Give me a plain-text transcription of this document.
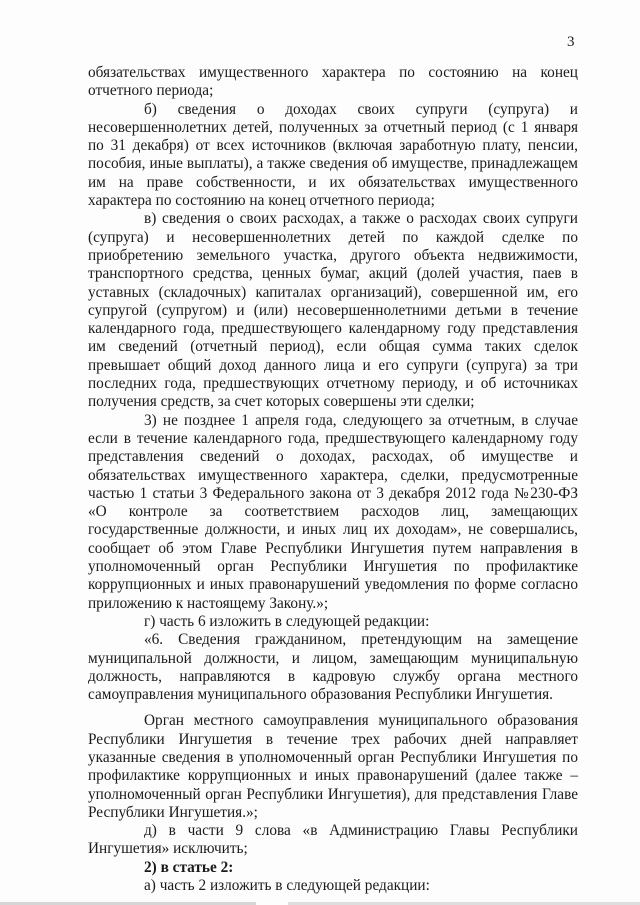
3

обязательствах имущественного характера по состоянию на конец отчетного периода;

б) сведения о доходах своих супруги (супруга) и несовершеннолетних детей, полученных за отчетный период (с 1 января по 31 декабря) от всех источников (включая заработную плату, пенсии, пособия, иные выплаты), а также сведения об имуществе, принадлежащем им на праве собственности, и их обязательствах имущественного характера по состоянию на конец отчетного периода;

в) сведения о своих расходах, а также о расходах своих супруги (супруга) и несовершеннолетних детей по каждой сделке по приобретению земельного участка, другого объекта недвижимости, транспортного средства, ценных бумаг, акций (долей участия, паев в уставных (складочных) капиталах организаций), совершенной им, его супругой (супругом) и (или) несовершеннолетними детьми в течение календарного года, предшествующего календарному году представления им сведений (отчетный период), если общая сумма таких сделок превышает общий доход данного лица и его супруги (супруга) за три последних года, предшествующих отчетному периоду, и об источниках получения средств, за счет которых совершены эти сделки;

3) не позднее 1 апреля года, следующего за отчетным, в случае если в течение календарного года, предшествующего календарному году представления сведений о доходах, расходах, об имуществе и обязательствах имущественного характера, сделки, предусмотренные частью 1 статьи 3 Федерального закона от 3 декабря 2012 года №230-ФЗ «О контроле за соответствием расходов лиц, замещающих государственные должности, и иных лиц их доходам», не совершались, сообщает об этом Главе Республики Ингушетия путем направления в уполномоченный орган Республики Ингушетия по профилактике коррупционных и иных правонарушений уведомления по форме согласно приложению к настоящему Закону.»;

г) часть 6 изложить в следующей редакции:

«6. Сведения гражданином, претендующим на замещение муниципальной должности, и лицом, замещающим муниципальную должность, направляются в кадровую службу органа местного самоуправления муниципального образования Республики Ингушетия.

Орган местного самоуправления муниципального образования Республики Ингушетия в течение трех рабочих дней направляет указанные сведения в уполномоченный орган Республики Ингушетия по профилактике коррупционных и иных правонарушений (далее также – уполномоченный орган Республики Ингушетия), для представления Главе Республики Ингушетия.»;

д) в части 9 слова «в Администрацию Главы Республики Ингушетия» исключить;

2) в статье 2:

а) часть 2 изложить в следующей редакции:
